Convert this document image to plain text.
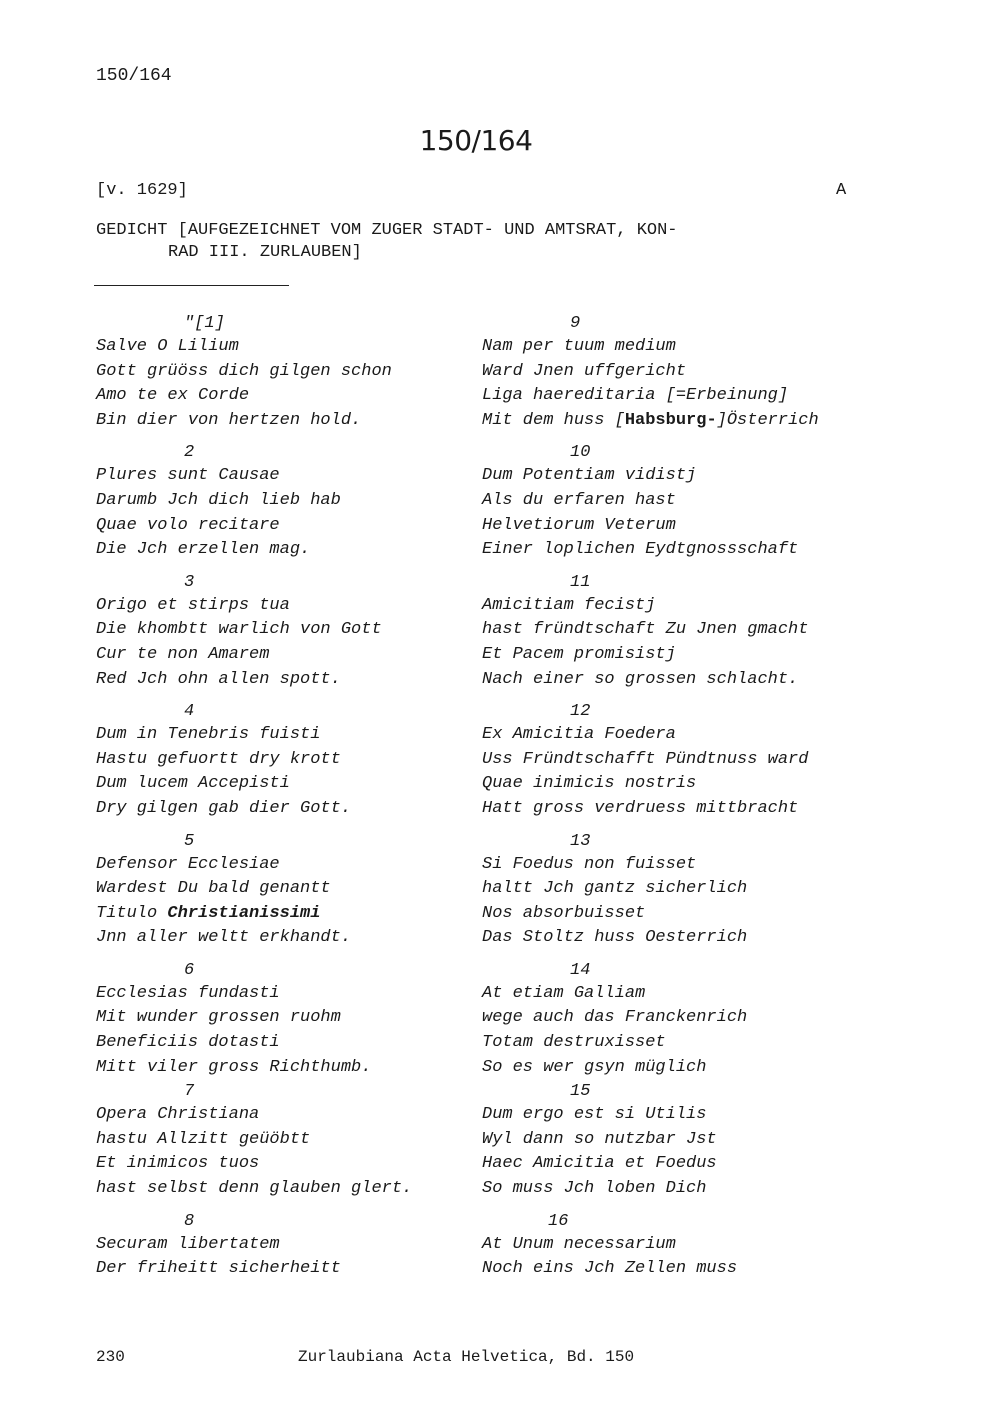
150/164
150/164
[v. 1629]	A
GEDICHT [AUFGEZEICHNET VOM ZUGER STADT- UND AMTSRAT, KON-
RAD III. ZURLAUBEN]
"[1]
Salve O Lilium
Gott grüöss dich gilgen schon
Amo te ex Corde
Bin dier von hertzen hold.
2
Plures sunt Causae
Darumb Jch dich lieb hab
Quae volo recitare
Die Jch erzellen mag.
3
Origo et stirps tua
Die khombtt warlich von Gott
Cur te non Amarem
Red Jch ohn allen spott.
4
Dum in Tenebris fuisti
Hastu gefuortt dry krott
Dum lucem Accepisti
Dry gilgen gab dier Gott.
5
Defensor Ecclesiae
Wardest Du bald genantt
Titulo Christianissimi
Jnn aller weltt erkhandt.
6
Ecclesias fundasti
Mit wunder grossen ruohm
Beneficiis dotasti
Mitt viler gross Richthumb.
7
Opera Christiana
hastu Allzitt geüöbtt
Et inimicos tuos
hast selbst denn glauben glert.
8
Securam libertatem
Der friheitt sicherheitt
9
Nam per tuum medium
Ward Jnen uffgericht
Liga haereditaria [=Erbeinung]
Mit dem huss [Habsburg-]Österrich
10
Dum Potentiam vidistj
Als du erfaren hast
Helvetiorum Veterum
Einer loplichen Eydtgnossschaft
11
Amicitiam fecistj
hast fründtschaft Zu Jnen gmacht
Et Pacem promisistj
Nach einer so grossen schlacht.
12
Ex Amicitia Foedera
Uss Fründtschafft Pündtnuss ward
Quae inimicis nostris
Hatt gross verdruess mittbracht
13
Si Foedus non fuisset
haltt Jch gantz sicherlich
Nos absorbuisset
Das Stoltz huss Oesterrich
14
At etiam Galliam
wege auch das Franckenrich
Totam destruxisset
So es wer gsyn müglich
15
Dum ergo est si Utilis
Wyl dann so nutzbar Jst
Haec Amicitia et Foedus
So muss Jch loben Dich
16
At Unum necessarium
Noch eins Jch Zellen muss
230	Zurlaubiana Acta Helvetica, Bd. 150
